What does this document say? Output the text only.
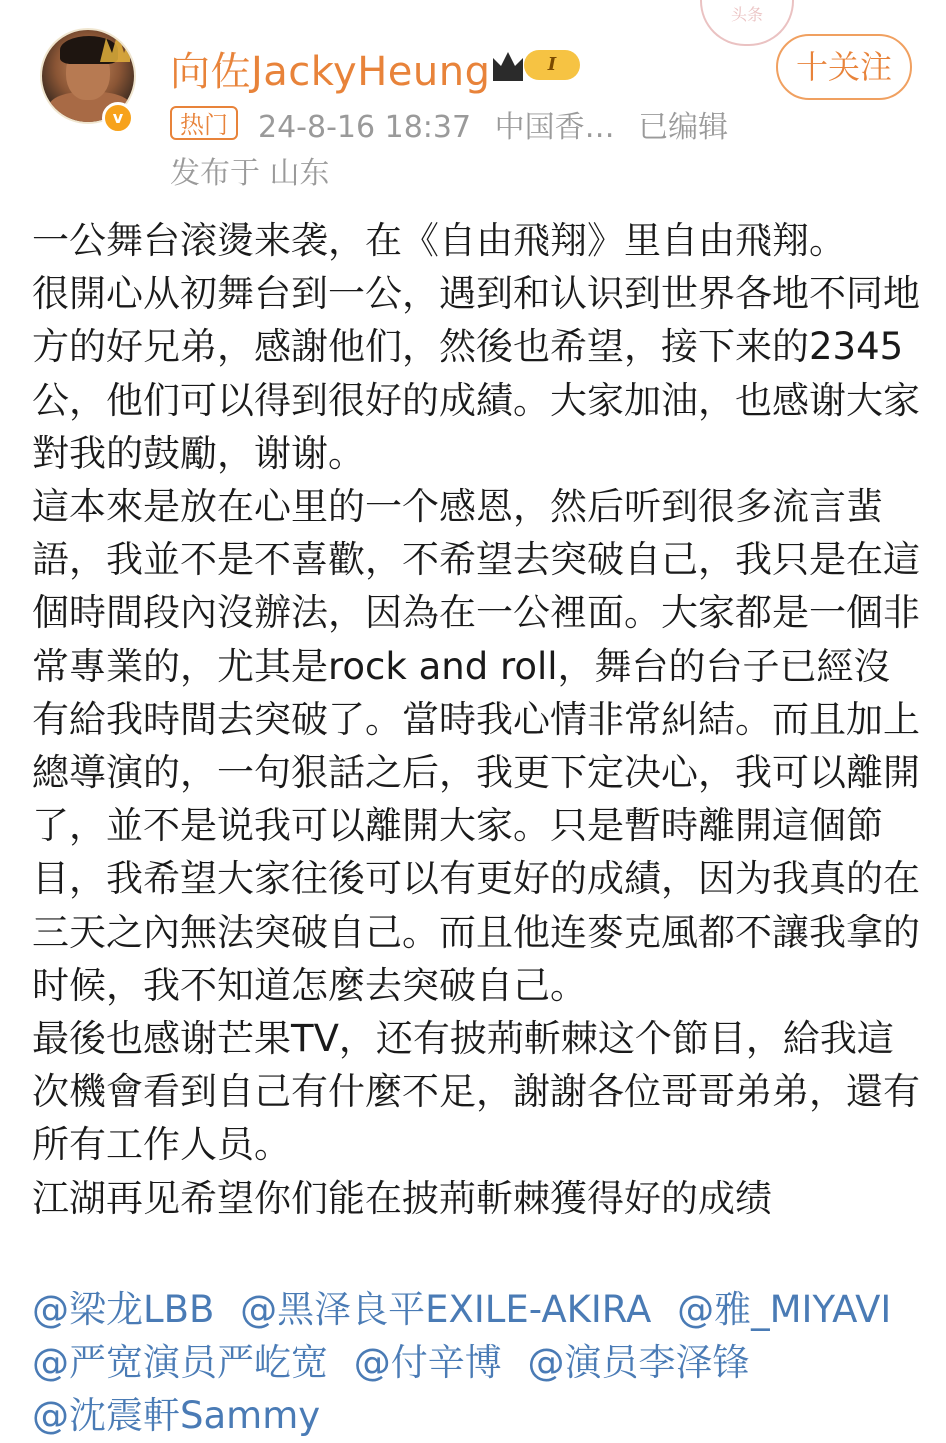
v
向佐JackyHeung	I
热门	24-8-16 18:37 中国香… 已编辑
发布于 山东
头条
十关注

一公舞台滚燙来袭，在《自由飛翔》里自由飛翔。

很開心从初舞台到一公，遇到和认识到世界各地不同地方的好兄弟，感謝他们，然後也希望，接下来的2345公，他们可以得到很好的成績。大家加油，也感谢大家對我的鼓勵，谢谢。

這本來是放在心里的一个感恩，然后听到很多流言蜚語，我並不是不喜歡，不希望去突破自己，我只是在這個時間段內沒辦法，因為在一公裡面。大家都是一個非常專業的，尤其是rock and roll，舞台的台子已經沒有給我時間去突破了。當時我心情非常糾結。而且加上總導演的，一句狠話之后，我更下定决心，我可以離開了，並不是说我可以離開大家。只是暫時離開這個節目，我希望大家往後可以有更好的成績，因为我真的在三天之內無法突破自己。而且他连麥克風都不讓我拿的时候，我不知道怎麼去突破自己。

最後也感谢芒果TV，还有披荊斬棘这个節目，給我這次機會看到自己有什麼不足，謝謝各位哥哥弟弟，還有所有工作人员。

江湖再见希望你们能在披荊斬棘獲得好的成绩

@梁龙LBB @黑泽良平EXILE-AKIRA @雅_MIYAVI @严宽演员严屹宽 @付辛博 @演员李泽锋 @沈震軒Sammy
